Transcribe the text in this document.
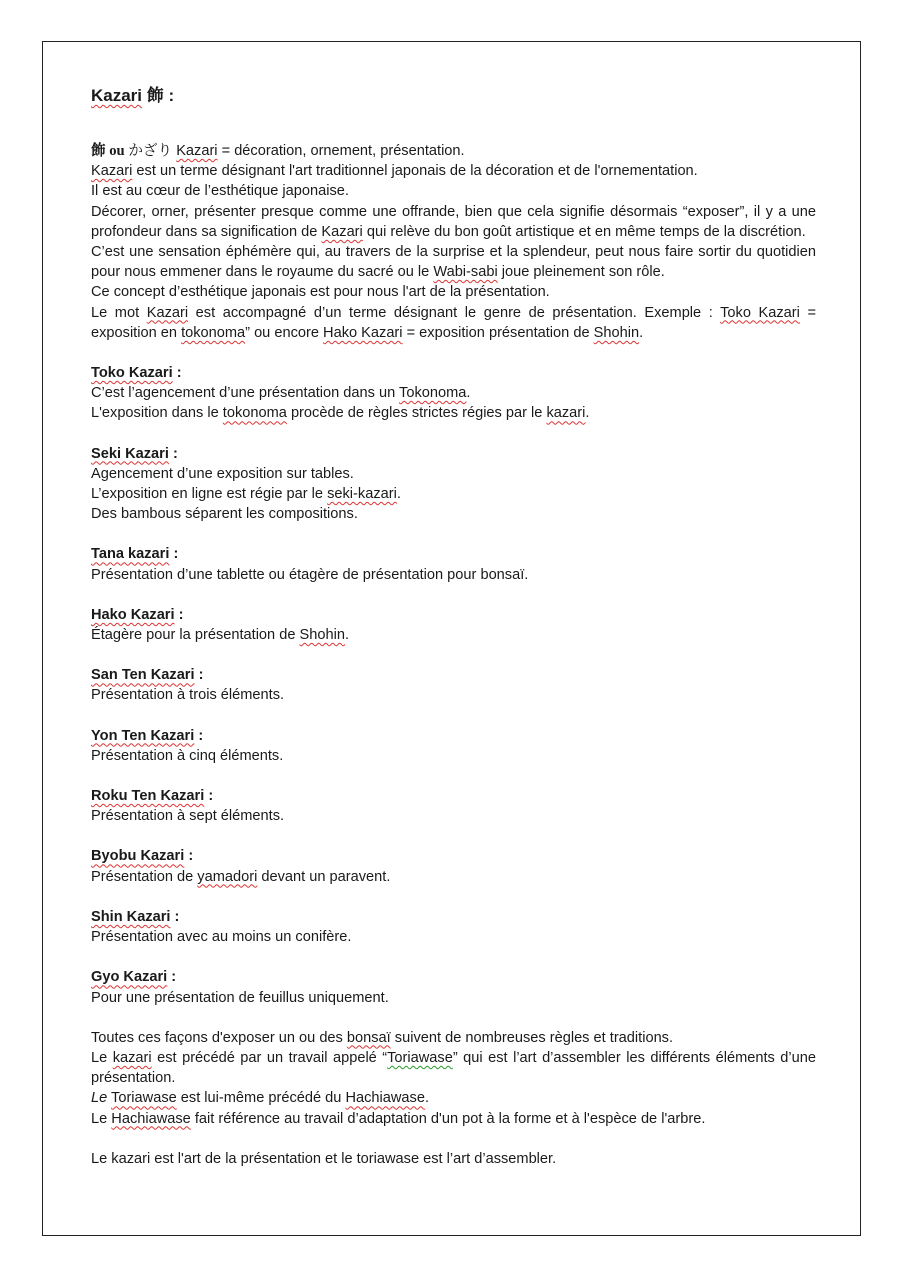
Kazari 飾 :
飾 ou かざり Kazari = décoration, ornement, présentation.
Kazari est un terme désignant l'art traditionnel japonais de la décoration et de l'ornementation.
Il est au cœur de l’esthétique japonaise.
Décorer, orner, présenter presque comme une offrande, bien que cela signifie désormais “exposer”, il y a une profondeur dans sa signification de Kazari qui relève du bon goût artistique et en même temps de la discrétion.
C’est une sensation éphémère qui, au travers de la surprise et la splendeur, peut nous faire sortir du quotidien pour nous emmener dans le royaume du sacré ou le Wabi-sabi joue pleinement son rôle.
Ce concept d’esthétique japonais est pour nous l'art de la présentation.
Le mot Kazari est accompagné d’un terme désignant le genre de présentation. Exemple : Toko Kazari = exposition en tokonoma” ou encore Hako Kazari = exposition présentation de Shohin.
Toko Kazari :
C’est l’agencement d’une présentation dans un Tokonoma.
L'exposition dans le tokonoma procède de règles strictes régies par le kazari.
Seki Kazari :
Agencement d’une exposition sur tables.
L’exposition en ligne est régie par le seki-kazari.
Des bambous séparent les compositions.
Tana kazari :
Présentation d’une tablette ou étagère de présentation pour bonsaï.
Hako Kazari :
Étagère pour la présentation de Shohin.
San Ten Kazari :
Présentation à trois éléments.
Yon Ten Kazari :
Présentation à cinq éléments.
Roku Ten Kazari :
Présentation à sept éléments.
Byobu Kazari :
Présentation de yamadori devant un paravent.
Shin Kazari :
Présentation avec au moins un conifère.
Gyo Kazari :
Pour une présentation de feuillus uniquement.
Toutes ces façons d'exposer un ou des bonsaï suivent de nombreuses règles et traditions.
Le kazari est précédé par un travail appelé “Toriawase” qui est l’art d’assembler les différents éléments d’une présentation.
Le Toriawase est lui-même précédé du Hachiawase.
Le Hachiawase fait référence au travail d’adaptation d'un pot à la forme et à l'espèce de l'arbre.
Le kazari est l'art de la présentation et le toriawase est l’art d’assembler.
